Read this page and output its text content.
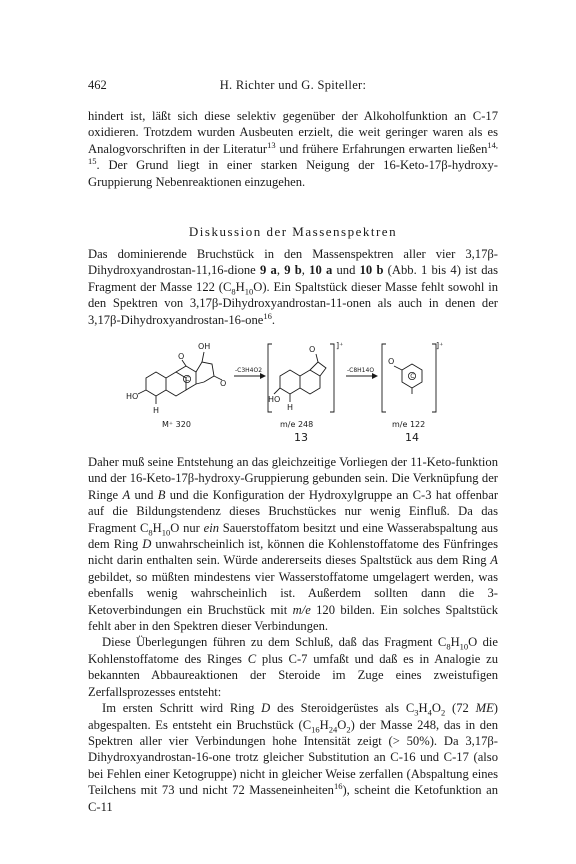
462	H. Richter und G. Spiteller:

hindert ist, läßt sich diese selektiv gegenüber der Alkoholfunktion an C-17 oxidieren. Trotzdem wurden Ausbeuten erzielt, die weit geringer waren als es Analogvorschriften in der Literatur$^{13}$ und frühere Erfahrungen erwarten ließen$^{14, 15}$. Der Grund liegt in einer starken Neigung der 16-Keto-17β-hydroxy-Gruppierung Nebenreaktionen einzugehen.

Diskussion der Massenspektren

Das dominierende Bruchstück in den Massenspektren aller vier 3,17β-Dihydroxyandrostan-11,16-dione 9 a, 9 b, 10 a und 10 b (Abb. 1 bis 4) ist das Fragment der Masse 122 $(C_8H_{10}O)$. Ein Spaltstück dieser Masse fehlt sowohl in den Spektren von 3,17β-Dihydroxyandrostan-11-onen als auch in denen der 3,17β-Dihydroxyandrostan-16-one$^{16}$.

C
OH
O
O
HO
H
-C3H4O2
O
HO
H
]⁺
-C8H14O
C
O
]⁺
M⁺ 320	m/e 248	m/e 122
13	14

Daher muß seine Entstehung an das gleichzeitige Vorliegen der 11-Keto-funktion und der 16-Keto-17β-hydroxy-Gruppierung gebunden sein. Die Verknüpfung der Ringe A und B und die Konfiguration der Hydroxylgruppe an C-3 hat offenbar auf die Bildungstendenz dieses Bruchstückes nur wenig Einfluß. Da das Fragment $C_8H_{10}O$ nur ein Sauerstoffatom besitzt und eine Wasserabspaltung aus dem Ring D unwahrscheinlich ist, können die Kohlenstoffatome des Fünfringes nicht darin enthalten sein. Würde andererseits dieses Spaltstück aus dem Ring A gebildet, so müßten mindestens vier Wasserstoffatome umgelagert werden, was ebenfalls wenig wahrscheinlich ist. Außerdem sollten dann die 3-Ketoverbindungen ein Bruchstück mit m/e 120 bilden. Ein solches Spaltstück fehlt aber in den Spektren dieser Verbindungen.
Diese Überlegungen führen zu dem Schluß, daß das Fragment $C_8H_{10}O$ die Kohlenstoffatome des Ringes C plus C-7 umfaßt und daß es in Analogie zu bekannten Abbaureaktionen der Steroide im Zuge eines zweistufigen Zerfallsprozesses entsteht:
Im ersten Schritt wird Ring D des Steroidgerüstes als $C_3H_4O_2$ (72 ME) abgespalten. Es entsteht ein Bruchstück $(C_{16}H_{24}O_2)$ der Masse 248, das in den Spektren aller vier Verbindungen hohe Intensität zeigt (> 50%). Da 3,17β-Dihydroxyandrostan-16-one trotz gleicher Substitution an C-16 und C-17 (also bei Fehlen einer Ketogruppe) nicht in gleicher Weise zerfallen (Abspaltung eines Teilchens mit 73 und nicht 72 Masseneinheiten$^{16}$), scheint die Ketofunktion an C-11
